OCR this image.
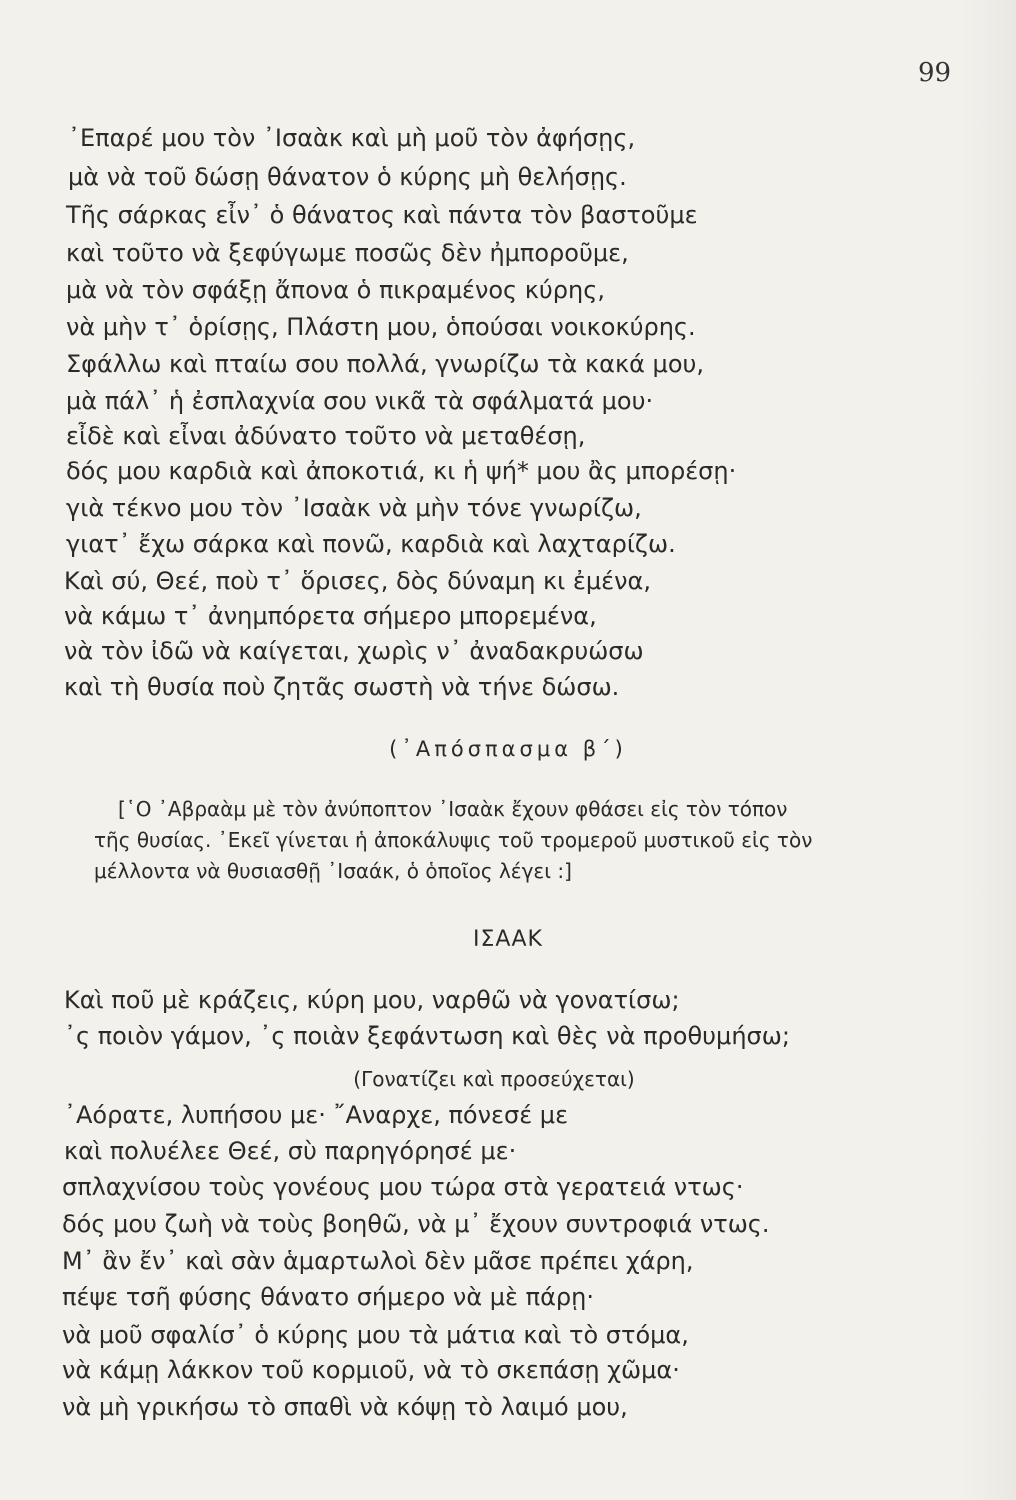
99
᾿Επαρέ μου τὸν ᾿Ισαὰκ καὶ μὴ μοῦ τὸν ἀφήσῃς,
μὰ νὰ τοῦ δώσῃ θάνατον ὁ κύρης μὴ θελήσῃς.
Τῆς σάρκας εἶν᾿ ὁ θάνατος καὶ πάντα τὸν βαστοῦμε
καὶ τοῦτο νὰ ξεφύγωμε ποσῶς δὲν ἠμποροῦμε,
μὰ νὰ τὸν σφάξῃ ἄπονα ὁ πικραμένος κύρης,
νὰ μὴν τ᾿ ὁρίσῃς, Πλάστη μου, ὁπούσαι νοικοκύρης.
Σφάλλω καὶ πταίω σου πολλά, γνωρίζω τὰ κακά μου,
μὰ πάλ᾿ ἡ ἐσπλαχνία σου νικᾶ τὰ σφάλματά μου·
εἶδὲ καὶ εἶναι ἀδύνατο τοῦτο νὰ μεταθέσῃ,
δός μου καρδιὰ καὶ ἀποκοτιά, κι ἡ ψή* μου ἂς μπορέσῃ·
γιὰ τέκνο μου τὸν ᾿Ισαὰκ νὰ μὴν τόνε γνωρίζω,
γιατ᾿ ἔχω σάρκα καὶ πονῶ, καρδιὰ καὶ λαχταρίζω.
Καὶ σύ, Θεέ, ποὺ τ᾿ ὅρισες, δὸς δύναμη κι ἐμένα,
νὰ κάμω τ᾿ ἀνημπόρετα σήμερο μπορεμένα,
νὰ τὸν ἰδῶ νὰ καίγεται, χωρὶς ν᾿ ἀναδακρυώσω
καὶ τὴ θυσία ποὺ ζητᾶς σωστὴ νὰ τήνε δώσω.
(᾿Απόσπασμα β΄)
[῾Ο ᾿Αβραὰμ μὲ τὸν ἀνύποπτον ᾿Ισαὰκ ἔχουν φθάσει εἰς τὸν τόπον
τῆς θυσίας. ᾿Εκεῖ γίνεται ἡ ἀποκάλυψις τοῦ τρομεροῦ μυστικοῦ εἰς τὸν
μέλλοντα νὰ θυσιασθῇ ᾿Ισαάκ, ὁ ὁποῖος λέγει :]
ΙΣΑΑΚ
Καὶ ποῦ μὲ κράζεις, κύρη μου, ναρθῶ νὰ γονατίσω;
᾿ς ποιὸν γάμον, ᾿ς ποιὰν ξεφάντωση καὶ θὲς νὰ προθυμήσω;
(Γονατίζει καὶ προσεύχεται)
᾿Αόρατε, λυπήσου με· ῎Αναρχε, πόνεσέ με
καὶ πολυέλεε Θεέ, σὺ παρηγόρησέ με·
σπλαχνίσου τοὺς γονέους μου τώρα στὰ γερατειά ντως·
δός μου ζωὴ νὰ τοὺς βοηθῶ, νὰ μ᾿ ἔχουν συντροφιά ντως.
Μ᾿ ἂν ἔν᾿ καὶ σὰν ἁμαρτωλοὶ δὲν μᾶσε πρέπει χάρη,
πέψε τσῆ φύσης θάνατο σήμερο νὰ μὲ πάρῃ·
νὰ μοῦ σφαλίσ᾿ ὁ κύρης μου τὰ μάτια καὶ τὸ στόμα,
νὰ κάμῃ λάκκον τοῦ κορμιοῦ, νὰ τὸ σκεπάσῃ χῶμα·
νὰ μὴ γρικήσω τὸ σπαθὶ νὰ κόψῃ τὸ λαιμό μου,
